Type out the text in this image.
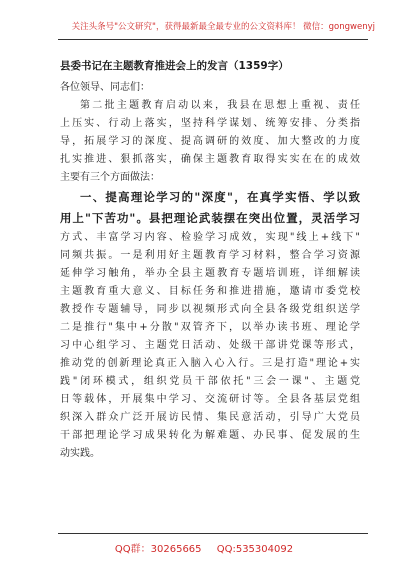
关注头条号"公文研究"，获得最新最全最专业的公文资料库！ 微信：gongwenyj
县委书记在主题教育推进会上的发言（1359字）
各位领导、同志们：
第二批主题教育启动以来，我县在思想上重视、责任
上压实、行动上落实，坚持科学谋划、统筹安排、分类指
导，拓展学习的深度、提高调研的效度、加大整改的力度
扎实推进、狠抓落实，确保主题教育取得实实在在的成效
主要有三个方面做法：
一、提高理论学习的"深度"，在真学实悟、学以致
用上"下苦功"。县把理论武装摆在突出位置，灵活学习
方式、丰富学习内容、检验学习成效，实现"线上+线下"
同频共振。一是利用好主题教育学习材料，整合学习资源
延伸学习触角，举办全县主题教育专题培训班，详细解读
主题教育重大意义、目标任务和推进措施，邀请市委党校
教授作专题辅导，同步以视频形式向全县各级党组织送学
二是推行"集中+分散"双管齐下，以举办读书班、理论学
习中心组学习、主题党日活动、处级干部讲党课等形式，
推动党的创新理论真正入脑入心入行。三是打造"理论+实
践"闭环模式，组织党员干部依托"三会一课"、主题党
日等载体，开展集中学习、交流研讨等。全县各基层党组
织深入群众广泛开展访民情、集民意活动，引导广大党员
干部把理论学习成果转化为解难题、办民事、促发展的生
动实践。
QQ群：30265665 QQ:535304092
